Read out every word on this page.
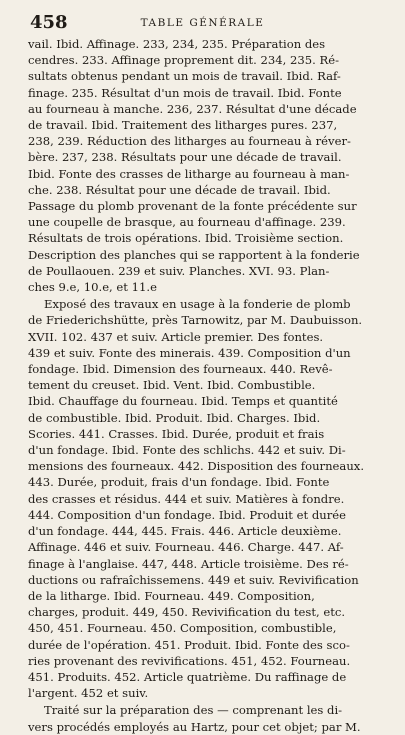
458	TABLE GÉNÉRALE
vail. Ibid. Affinage. 233, 234, 235. Préparation des
cendres. 233. Affinage proprement dit. 234, 235. Ré-
sultats obtenus pendant un mois de travail. Ibid. Raf-
finage. 235. Résultat d'un mois de travail. Ibid. Fonte
au fourneau à manche. 236, 237. Résultat d'une décade
de travail. Ibid. Traitement des litharges pures. 237,
238, 239. Réduction des litharges au fourneau à réver-
bère. 237, 238. Résultats pour une décade de travail.
Ibid. Fonte des crasses de litharge au fourneau à man-
che. 238. Résultat pour une décade de travail. Ibid.
Passage du plomb provenant de la fonte précédente sur
une coupelle de brasque, au fourneau d'affinage. 239.
Résultats de trois opérations. Ibid. Troisième section.
Description des planches qui se rapportent à la fonderie
de Poullaouen. 239 et suiv. Planches. XVI. 93. Plan-
ches 9.e, 10.e, et 11.e
Exposé des travaux en usage à la fonderie de plomb
de Friederichshütte, près Tarnowitz, par M. Daubuisson.
XVII. 102. 437 et suiv. Article premier. Des fontes.
439 et suiv. Fonte des minerais. 439. Composition d'un
fondage. Ibid. Dimension des fourneaux. 440. Revê-
tement du creuset. Ibid. Vent. Ibid. Combustible.
Ibid. Chauffage du fourneau. Ibid. Temps et quantité
de combustible. Ibid. Produit. Ibid. Charges. Ibid.
Scories. 441. Crasses. Ibid. Durée, produit et frais
d'un fondage. Ibid. Fonte des schlichs. 442 et suiv. Di-
mensions des fourneaux. 442. Disposition des fourneaux.
443. Durée, produit, frais d'un fondage. Ibid. Fonte
des crasses et résidus. 444 et suiv. Matières à fondre.
444. Composition d'un fondage. Ibid. Produit et durée
d'un fondage. 444, 445. Frais. 446. Article deuxième.
Affinage. 446 et suiv. Fourneau. 446. Charge. 447. Af-
finage à l'anglaise. 447, 448. Article troisième. Des ré-
ductions ou rafraîchissemens. 449 et suiv. Revivification
de la litharge. Ibid. Fourneau. 449. Composition,
charges, produit. 449, 450. Revivification du test, etc.
450, 451. Fourneau. 450. Composition, combustible,
durée de l'opération. 451. Produit. Ibid. Fonte des sco-
ries provenant des revivifications. 451, 452. Fourneau.
451. Produits. 452. Article quatrième. Du raffinage de
l'argent. 452 et suiv.
Traité sur la préparation des — comprenant les di-
vers procédés employés au Hartz, pour cet objet; par M.
